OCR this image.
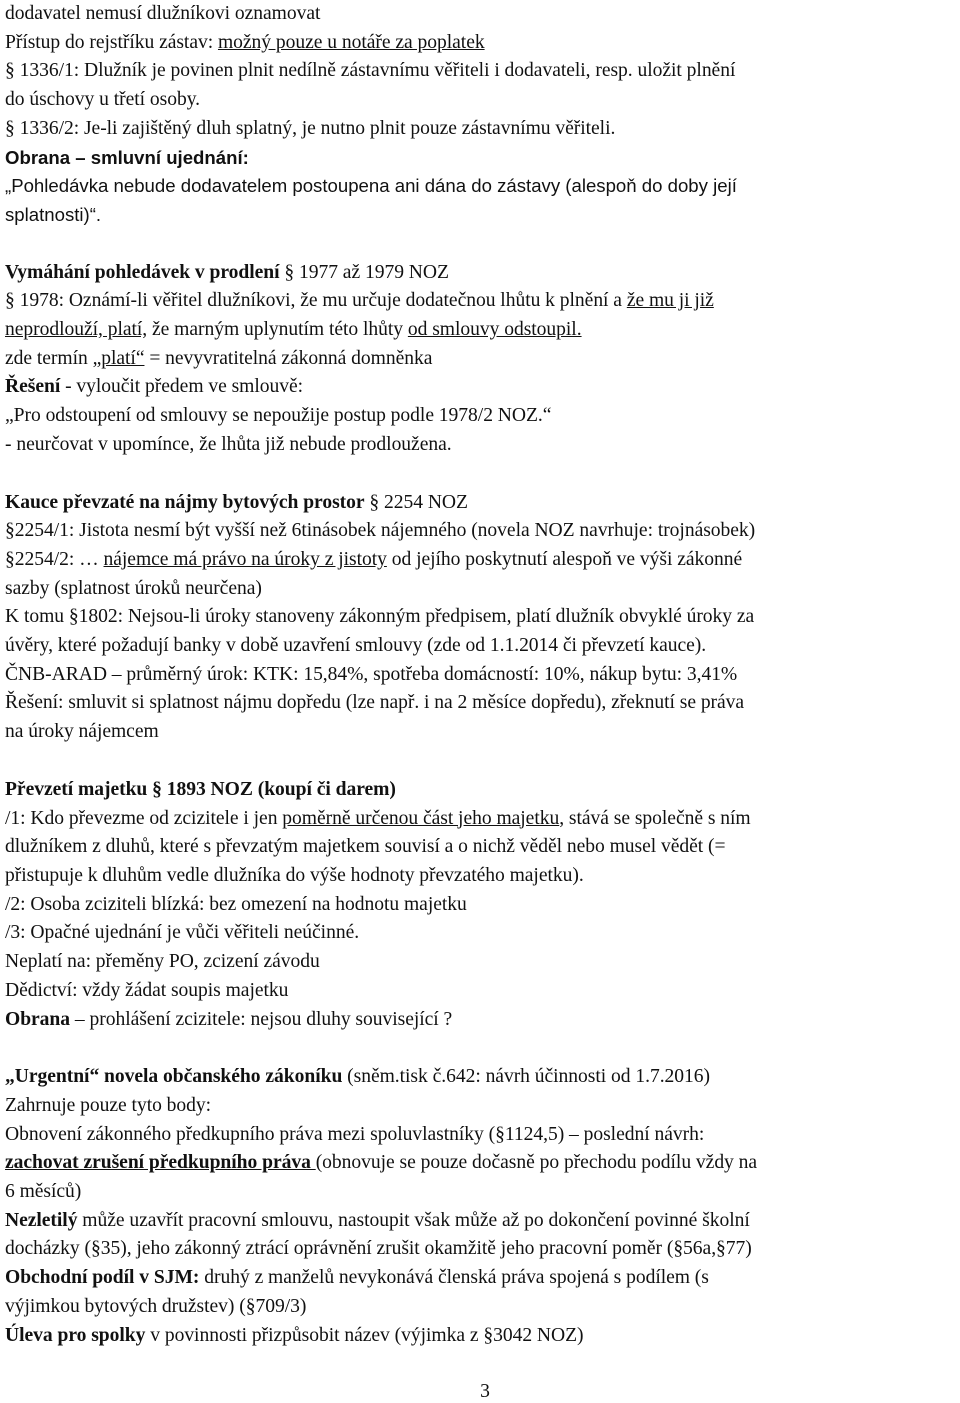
dodavatel nemusí dlužníkovi oznamovat

Přístup do rejstříku zástav: možný pouze u notáře za poplatek

§ 1336/1: Dlužník je povinen plnit nedílně zástavnímu věřiteli i dodavateli, resp. uložit plnění

do úschovy u třetí osoby.

§ 1336/2: Je-li zajištěný dluh splatný, je nutno plnit pouze zástavnímu věřiteli.

Obrana – smluvní ujednání:

„Pohledávka nebude dodavatelem postoupena ani dána do zástavy (alespoň do doby její

splatnosti)“.

Vymáhání pohledávek v prodlení § 1977 až 1979 NOZ

§ 1978: Oznámí-li věřitel dlužníkovi, že mu určuje dodatečnou lhůtu k plnění a že mu ji již

neprodlouží, platí, že marným uplynutím této lhůty od smlouvy odstoupil.

zde termín „platí“ = nevyvratitelná zákonná domněnka

Řešení - vyloučit předem ve smlouvě:

„Pro odstoupení od smlouvy se nepoužije postup podle 1978/2 NOZ.“

- neurčovat v upomínce, že lhůta již nebude prodloužena.

Kauce převzaté na nájmy bytových prostor § 2254 NOZ

§2254/1: Jistota nesmí být vyšší než 6tinásobek nájemného (novela NOZ navrhuje: trojnásobek)

§2254/2: … nájemce má právo na úroky z jistoty od jejího poskytnutí alespoň ve výši zákonné

sazby (splatnost úroků neurčena)

K tomu §1802: Nejsou-li úroky stanoveny zákonným předpisem, platí dlužník obvyklé úroky za

úvěry, které požadují banky v době uzavření smlouvy (zde od 1.1.2014 či převzetí kauce).

ČNB-ARAD – průměrný úrok: KTK: 15,84%, spotřeba domácností: 10%, nákup bytu: 3,41%

Řešení: smluvit si splatnost nájmu dopředu (lze např. i na 2 měsíce dopředu), zřeknutí se práva

na úroky nájemcem

Převzetí majetku § 1893 NOZ (koupí či darem)

/1: Kdo převezme od zcizitele i jen poměrně určenou část jeho majetku, stává se společně s ním

dlužníkem z dluhů, které s převzatým majetkem souvisí a o nichž věděl nebo musel vědět (=

přistupuje k dluhům vedle dlužníka do výše hodnoty převzatého majetku).

/2: Osoba zciziteli blízká: bez omezení na hodnotu majetku

/3: Opačné ujednání je vůči věřiteli neúčinné.

Neplatí na: přeměny PO, zcizení závodu

Dědictví: vždy žádat soupis majetku

Obrana – prohlášení zcizitele: nejsou dluhy související ?

„Urgentní“ novela občanského zákoníku (sněm.tisk č.642: návrh účinnosti od 1.7.2016)

Zahrnuje pouze tyto body:

Obnovení zákonného předkupního práva mezi spoluvlastníky (§1124,5) – poslední návrh:

zachovat zrušení předkupního práva (obnovuje se pouze dočasně po přechodu podílu vždy na

6 měsíců)

Nezletilý může uzavřít pracovní smlouvu, nastoupit však může až po dokončení povinné školní

docházky (§35), jeho zákonný ztrácí oprávnění zrušit okamžitě jeho pracovní poměr (§56a,§77)

Obchodní podíl v SJM: druhý z manželů nevykonává členská práva spojená s podílem (s

výjimkou bytových družstev) (§709/3)

Úleva pro spolky v povinnosti přizpůsobit název (výjimka z §3042 NOZ)

3
